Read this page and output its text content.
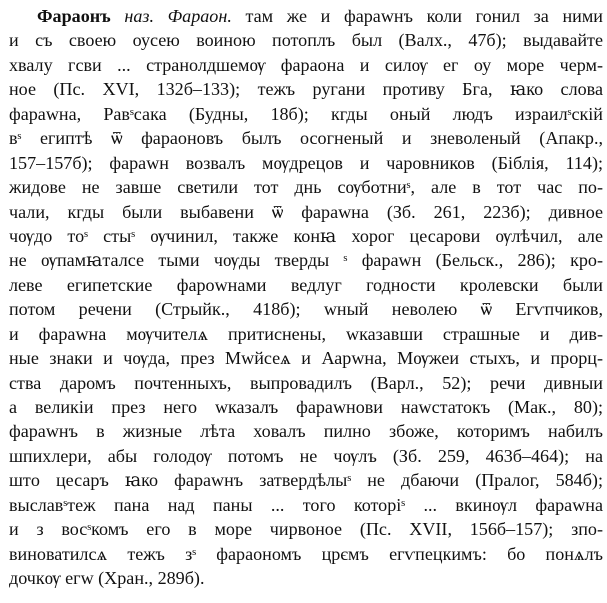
Фараонъ наз. Фараон. там же и фараwнъ коли гонил за ними
и съ своею оусею воиною потоплъ был (Валх., 47б); выдавайте
хвалу гсви ... странолдшемѹ фараона и силѹ ег оу море черм-
ное (Пс. XVI, 132б–133); тежъ ругани противу Бга, ꙗко слова
фараwна, Равˢсака (Будны, 18б); кгды оный людъ израилˢскій
вˢ египтѣ ѿ фараоновъ былъ осогненый и зневоленый (Апакр.,
157–157б); фараwн возвалъ мѹдрецов и чаровников (Біблія, 114);
жидове не завше светили тот днь сѹботниˢ, але в тот час по-
чали, кгды были выбавени ѿ фараwна (Зб. 261, 223б); дивное
чѹдо тоˢ стыˢ ѹчинил, также конꙗ хорог цесарови ѹлѣчил, але
не ѹпамꙗталсе тыми чѹды тверды ˢ фараwн (Бельск., 286); кро-
леве египетские фароwнами ведлуг годности кролевски были
потом речени (Стрыйк., 418б); wный неволею ѿ Егѵпчиков,
и фараwна мѹчителѧ притиснены, wказавши страшные и див-
ные знаки и чѹда, през Мwйсеѧ и Аарwна, Мѹжеи стыхъ, и прорц-
ства даромъ почтенныхъ, выпровадилъ (Варл., 52); речи дивныи
а великіи през него wказалъ фараwнови наwстатокъ (Мак., 80);
фараwнъ в жизные лѣта ховалъ пилно збоже, которимъ набилъ
шпихлери, абы голодѹ потомъ не чѹлъ (Зб. 259, 463б–464); на
штo цесаръ ꙗко фараwнъ затвердѣлыˢ не дбаючи (Пралог, 584б);
выславˢтеж пана над паны ... того которіˢ ... вкинѹл фараwна
и з восˢкомъ его в море чирвоное (Пс. XVII, 156б–157); зпо-
виноватилсѧ тежъ зˢ фараономъ црємъ егѵпецкимъ: бо понѧлъ
дочкѹ егw (Хран., 289б).
